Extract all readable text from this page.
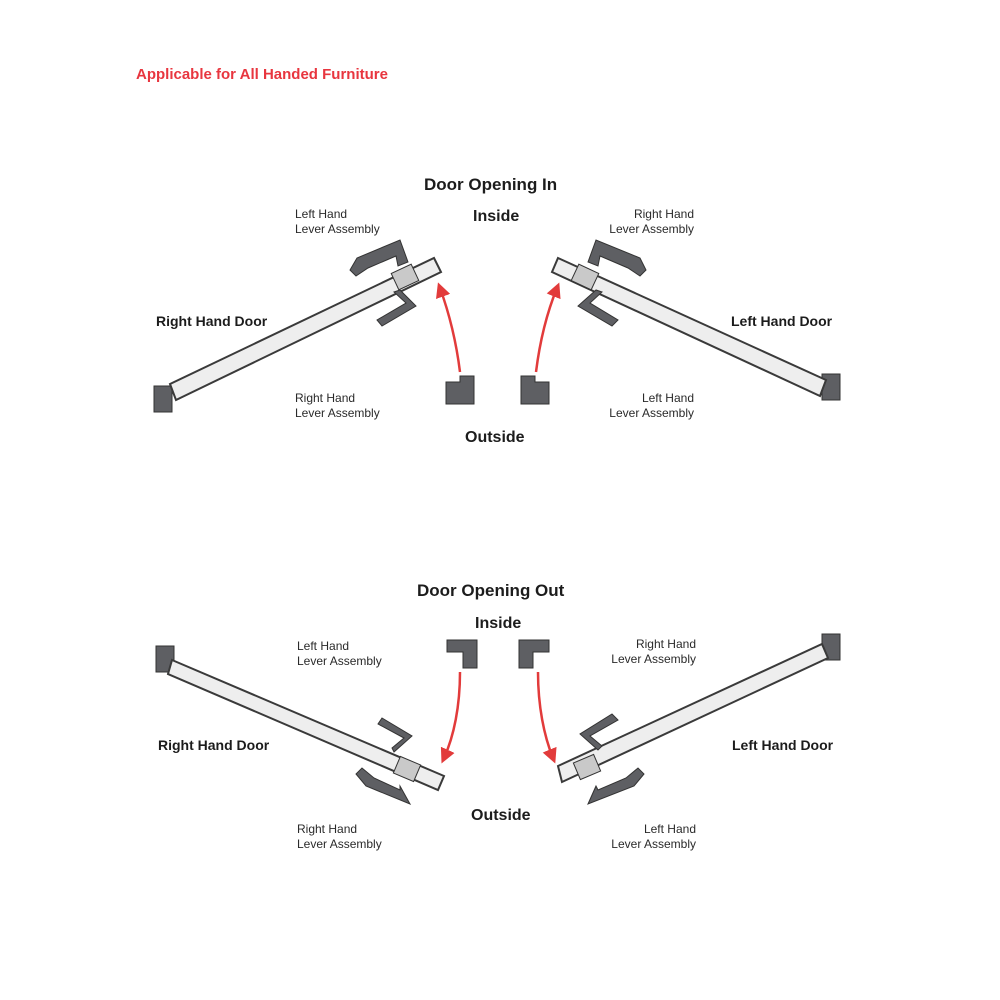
Applicable for All Handed Furniture
Door Opening In
Inside
Outside
Right Hand Door	Left Hand Door
Left Hand
Lever Assembly
Right Hand
Lever Assembly
Right Hand
Lever Assembly
Left Hand
Lever Assembly
Door Opening Out
Inside
Outside
Right Hand Door	Left Hand Door
Left Hand
Lever Assembly
Right Hand
Lever Assembly
Right Hand
Lever Assembly
Left Hand
Lever Assembly
